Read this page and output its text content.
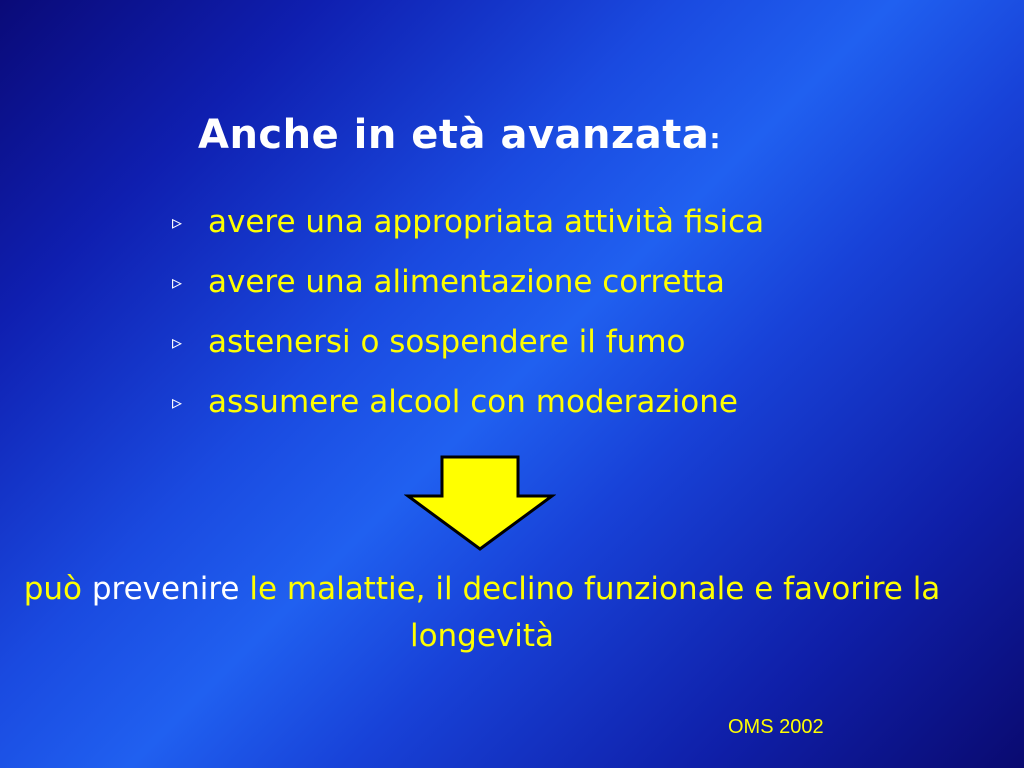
Anche in età avanzata:
▹ avere una appropriata attività fisica
▹ avere una alimentazione corretta
▹ astenersi o sospendere il fumo
▹ assumere alcool con moderazione

può prevenire le malattie, il declino funzionale e favorire la longevità

OMS 2002
